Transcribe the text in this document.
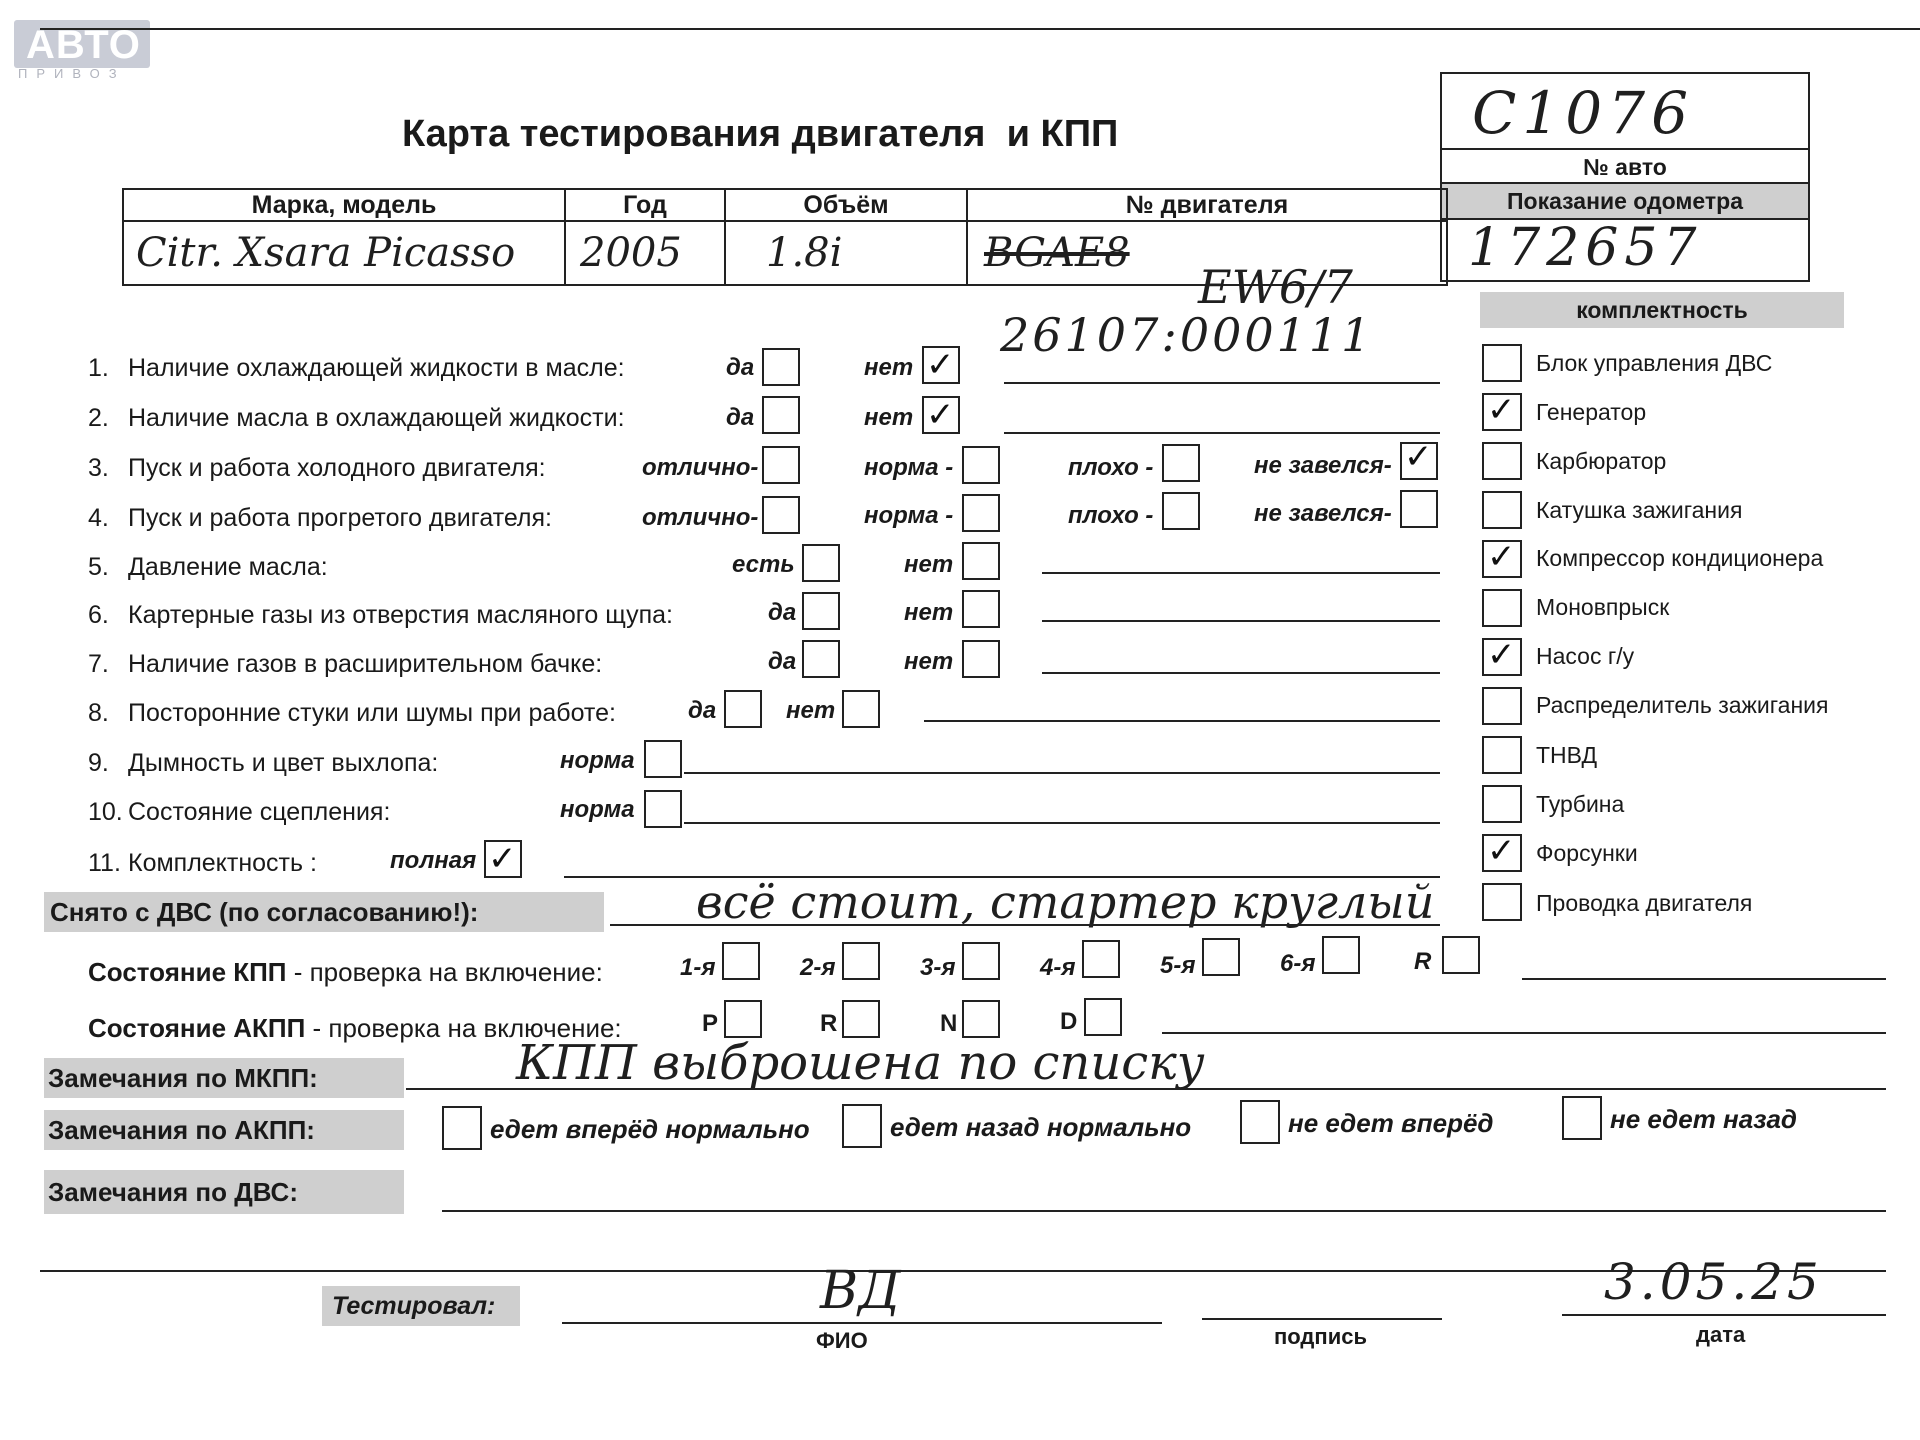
АВТО
ПРИВОЗ
Карта тестирования двигателя  и КПП	C1076
№ авто
Показание одометра
172657
Марка, модель	Год	Объём	№ двигателя
Citr. Xsara Picasso	2005	1.8i	BGAE8
EW6/7
26107:000111
1. Наличие охлаждающей жидкости в масле:	да	нет ✓
2. Наличие масла в охлаждающей жидкости:	да	нет ✓
3. Пуск и работа холодного двигателя:	отлично-	норма -	плохо -	не завелся- ✓
4. Пуск и работа прогретого двигателя:	отлично-	норма -	плохо -	не завелся-
5. Давление масла:	есть	нет
6. Картерные газы из отверстия масляного щупа:	да	нет
7. Наличие газов в расширительном бачке:	да	нет
8. Посторонние стуки или шумы при работе:	да	нет
9. Дымность и цвет выхлопа:	норма
10. Состояние сцепления:	норма
11. Комплектность :	полная ✓
комплектность
Блок управления ДВС
✓ Генератор
Карбюратор
Катушка зажигания
✓ Компрессор кондиционера
Моновпрыск
✓ Насос г/у
Распределитель зажигания
ТНВД
Турбина
✓ Форсунки
Проводка двигателя
Снято с ДВС (по согласованию!):	всё стоит, стартер круглый
Состояние КПП - проверка на включение:	1-я	2-я	3-я	4-я	5-я	6-я	R
Состояние АКПП - проверка на включение:	P	R	N	D
Замечания по МКПП:	КПП выброшена по списку
Замечания по АКПП:	едет вперёд нормально	едет назад нормально	не едет вперёд	не едет назад
Замечания по ДВС:
Тестировал:	ВД	3.05.25
ФИО	подпись	дата
